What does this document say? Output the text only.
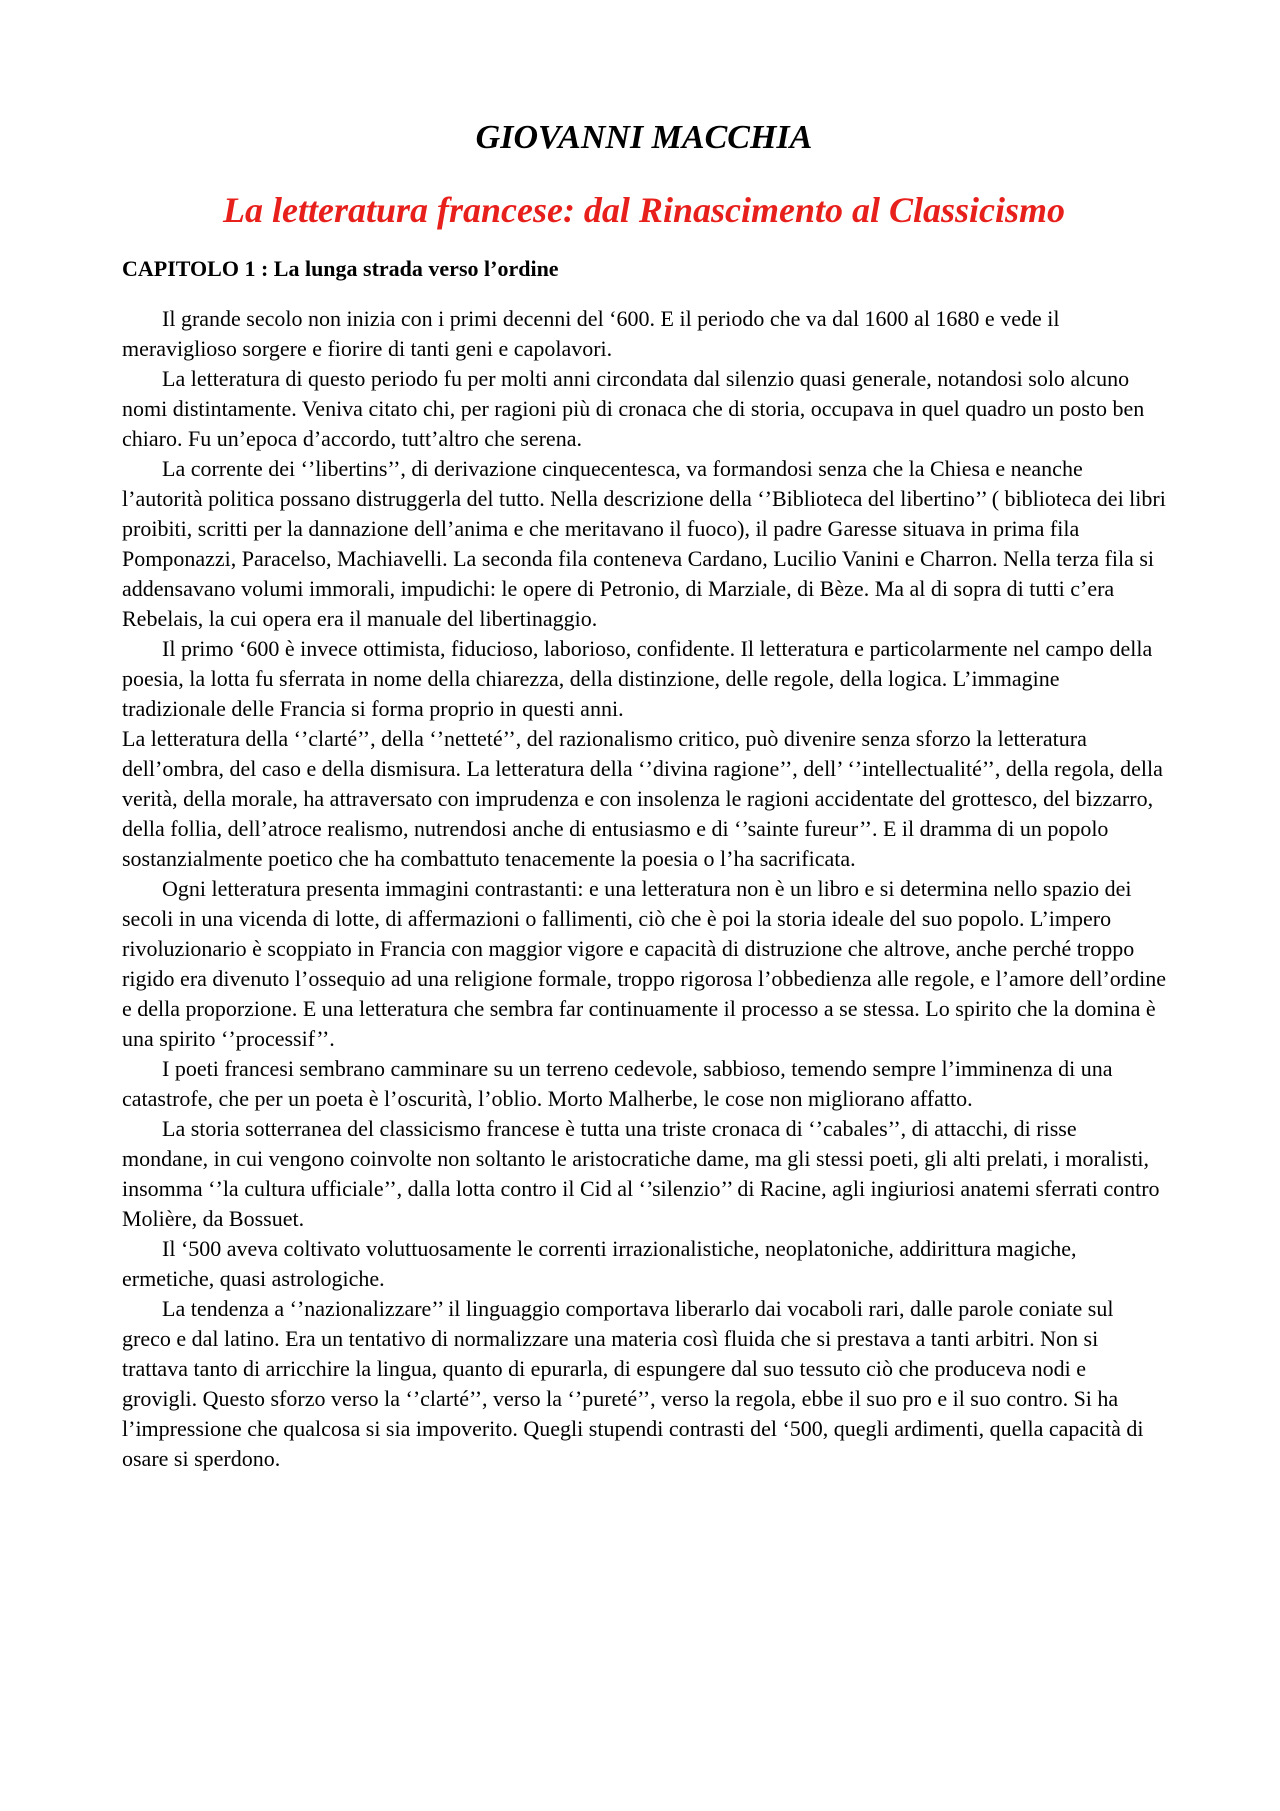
GIOVANNI MACCHIA
La letteratura francese: dal Rinascimento al Classicismo
CAPITOLO 1 : La lunga strada verso l’ordine

Il grande secolo non inizia con i primi decenni del ‘600. E il periodo che va dal 1600 al 1680 e vede il meraviglioso sorgere e fiorire di tanti geni e capolavori.

La letteratura di questo periodo fu per molti anni circondata dal silenzio quasi generale, notandosi solo alcuno nomi distintamente. Veniva citato chi, per ragioni più di cronaca che di storia, occupava in quel quadro un posto ben chiaro. Fu un’epoca d’accordo, tutt’altro che serena.

La corrente dei ‘’libertins’’, di derivazione cinquecentesca, va formandosi senza che la Chiesa e neanche l’autorità politica possano distruggerla del tutto. Nella descrizione della ‘’Biblioteca del libertino’’ ( biblioteca dei libri proibiti, scritti per la dannazione dell’anima e che meritavano il fuoco), il padre Garesse situava in prima fila Pomponazzi, Paracelso, Machiavelli. La seconda fila conteneva Cardano, Lucilio Vanini e Charron. Nella terza fila si addensavano volumi immorali, impudichi: le opere di Petronio, di Marziale, di Bèze. Ma al di sopra di tutti c’era Rebelais, la cui opera era il manuale del libertinaggio.

Il primo ‘600 è invece ottimista, fiducioso, laborioso, confidente. Il letteratura e particolarmente nel campo della poesia, la lotta fu sferrata in nome della chiarezza, della distinzione, delle regole, della logica. L’immagine tradizionale delle Francia si forma proprio in questi anni.

La letteratura della ‘’clarté’’, della ‘’netteté’’, del razionalismo critico, può divenire senza sforzo la letteratura dell’ombra, del caso e della dismisura. La letteratura della ‘’divina ragione’’, dell’ ‘’intellectualité’’, della regola, della verità, della morale, ha attraversato con imprudenza e con insolenza le ragioni accidentate del grottesco, del bizzarro, della follia, dell’atroce realismo, nutrendosi anche di entusiasmo e di ‘’sainte fureur’’. E il dramma di un popolo sostanzialmente poetico che ha combattuto tenacemente la poesia o l’ha sacrificata.

Ogni letteratura presenta immagini contrastanti: e una letteratura non è un libro e si determina nello spazio dei secoli in una vicenda di lotte, di affermazioni o fallimenti, ciò che è poi la storia ideale del suo popolo. L’impero rivoluzionario è scoppiato in Francia con maggior vigore e capacità di distruzione che altrove, anche perché troppo rigido era divenuto l’ossequio ad una religione formale, troppo rigorosa l’obbedienza alle regole, e l’amore dell’ordine e della proporzione. E una letteratura che sembra far continuamente il processo a se stessa. Lo spirito che la domina è una spirito ‘’processif’’.

I poeti francesi sembrano camminare su un terreno cedevole, sabbioso, temendo sempre l’imminenza di una catastrofe, che per un poeta è l’oscurità, l’oblio. Morto Malherbe, le cose non migliorano affatto.

La storia sotterranea del classicismo francese è tutta una triste cronaca di ‘’cabales’’, di attacchi, di risse mondane, in cui vengono coinvolte non soltanto le aristocratiche dame, ma gli stessi poeti, gli alti prelati, i moralisti, insomma ‘’la cultura ufficiale’’, dalla lotta contro il Cid al ‘’silenzio’’ di Racine, agli ingiuriosi anatemi sferrati contro Molière, da Bossuet.

Il ‘500 aveva coltivato voluttuosamente le correnti irrazionalistiche, neoplatoniche, addirittura magiche, ermetiche, quasi astrologiche.

La tendenza a ‘’nazionalizzare’’ il linguaggio comportava liberarlo dai vocaboli rari, dalle parole coniate sul greco e dal latino. Era un tentativo di normalizzare una materia così fluida che si prestava a tanti arbitri. Non si trattava tanto di arricchire la lingua, quanto di epurarla, di espungere dal suo tessuto ciò che produceva nodi e grovigli. Questo sforzo verso la ‘’clarté’’, verso la ‘’pureté’’, verso la regola, ebbe il suo pro e il suo contro. Si ha l’impressione che qualcosa si sia impoverito. Quegli stupendi contrasti del ‘500, quegli ardimenti, quella capacità di osare si sperdono.
